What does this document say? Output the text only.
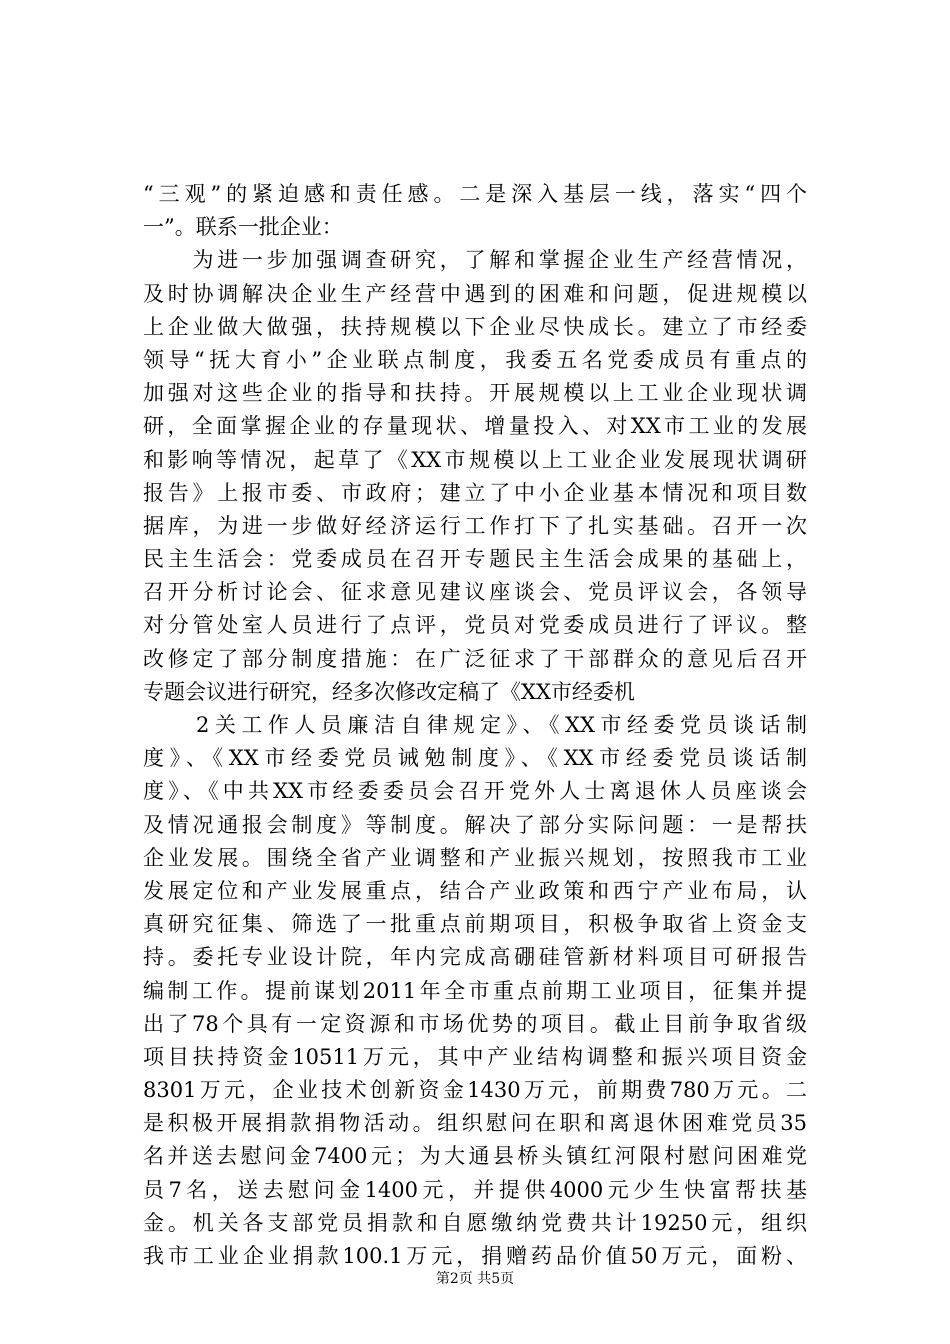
“三观”的紧迫感和责任感。二是深入基层一线，落实“四个
一”。联系一批企业：
　　为进一步加强调查研究，了解和掌握企业生产经营情况，
及时协调解决企业生产经营中遇到的困难和问题，促进规模以
上企业做大做强，扶持规模以下企业尽快成长。建立了市经委
领导“抚大育小”企业联点制度，我委五名党委成员有重点的
加强对这些企业的指导和扶持。开展规模以上工业企业现状调
研，全面掌握企业的存量现状、增量投入、对XX市工业的发展
和影响等情况，起草了《XX市规模以上工业企业发展现状调研
报告》上报市委、市政府；建立了中小企业基本情况和项目数
据库，为进一步做好经济运行工作打下了扎实基础。召开一次
民主生活会：党委成员在召开专题民主生活会成果的基础上，
召开分析讨论会、征求意见建议座谈会、党员评议会，各领导
对分管处室人员进行了点评，党员对党委成员进行了评议。整
改修定了部分制度措施：在广泛征求了干部群众的意见后召开
专题会议进行研究，经多次修改定稿了《XX市经委机
　　2关工作人员廉洁自律规定》、《XX市经委党员谈话制
度》、《XX市经委党员诫勉制度》、《XX市经委党员谈话制
度》、《中共XX市经委委员会召开党外人士离退休人员座谈会
及情况通报会制度》等制度。解决了部分实际问题：一是帮扶
企业发展。围绕全省产业调整和产业振兴规划，按照我市工业
发展定位和产业发展重点，结合产业政策和西宁产业布局，认
真研究征集、筛选了一批重点前期项目，积极争取省上资金支
持。委托专业设计院，年内完成高硼硅管新材料项目可研报告
编制工作。提前谋划2011年全市重点前期工业项目，征集并提
出了78个具有一定资源和市场优势的项目。截止目前争取省级
项目扶持资金10511万元，其中产业结构调整和振兴项目资金
8301万元，企业技术创新资金1430万元，前期费780万元。二
是积极开展捐款捐物活动。组织慰问在职和离退休困难党员35
名并送去慰问金7400元；为大通县桥头镇红河限村慰问困难党
员7名，送去慰问金1400元，并提供4000元少生快富帮扶基
金。机关各支部党员捐款和自愿缴纳党费共计19250元，组织
我市工业企业捐款100.1万元，捐赠药品价值50万元，面粉、
第2页 共5页
